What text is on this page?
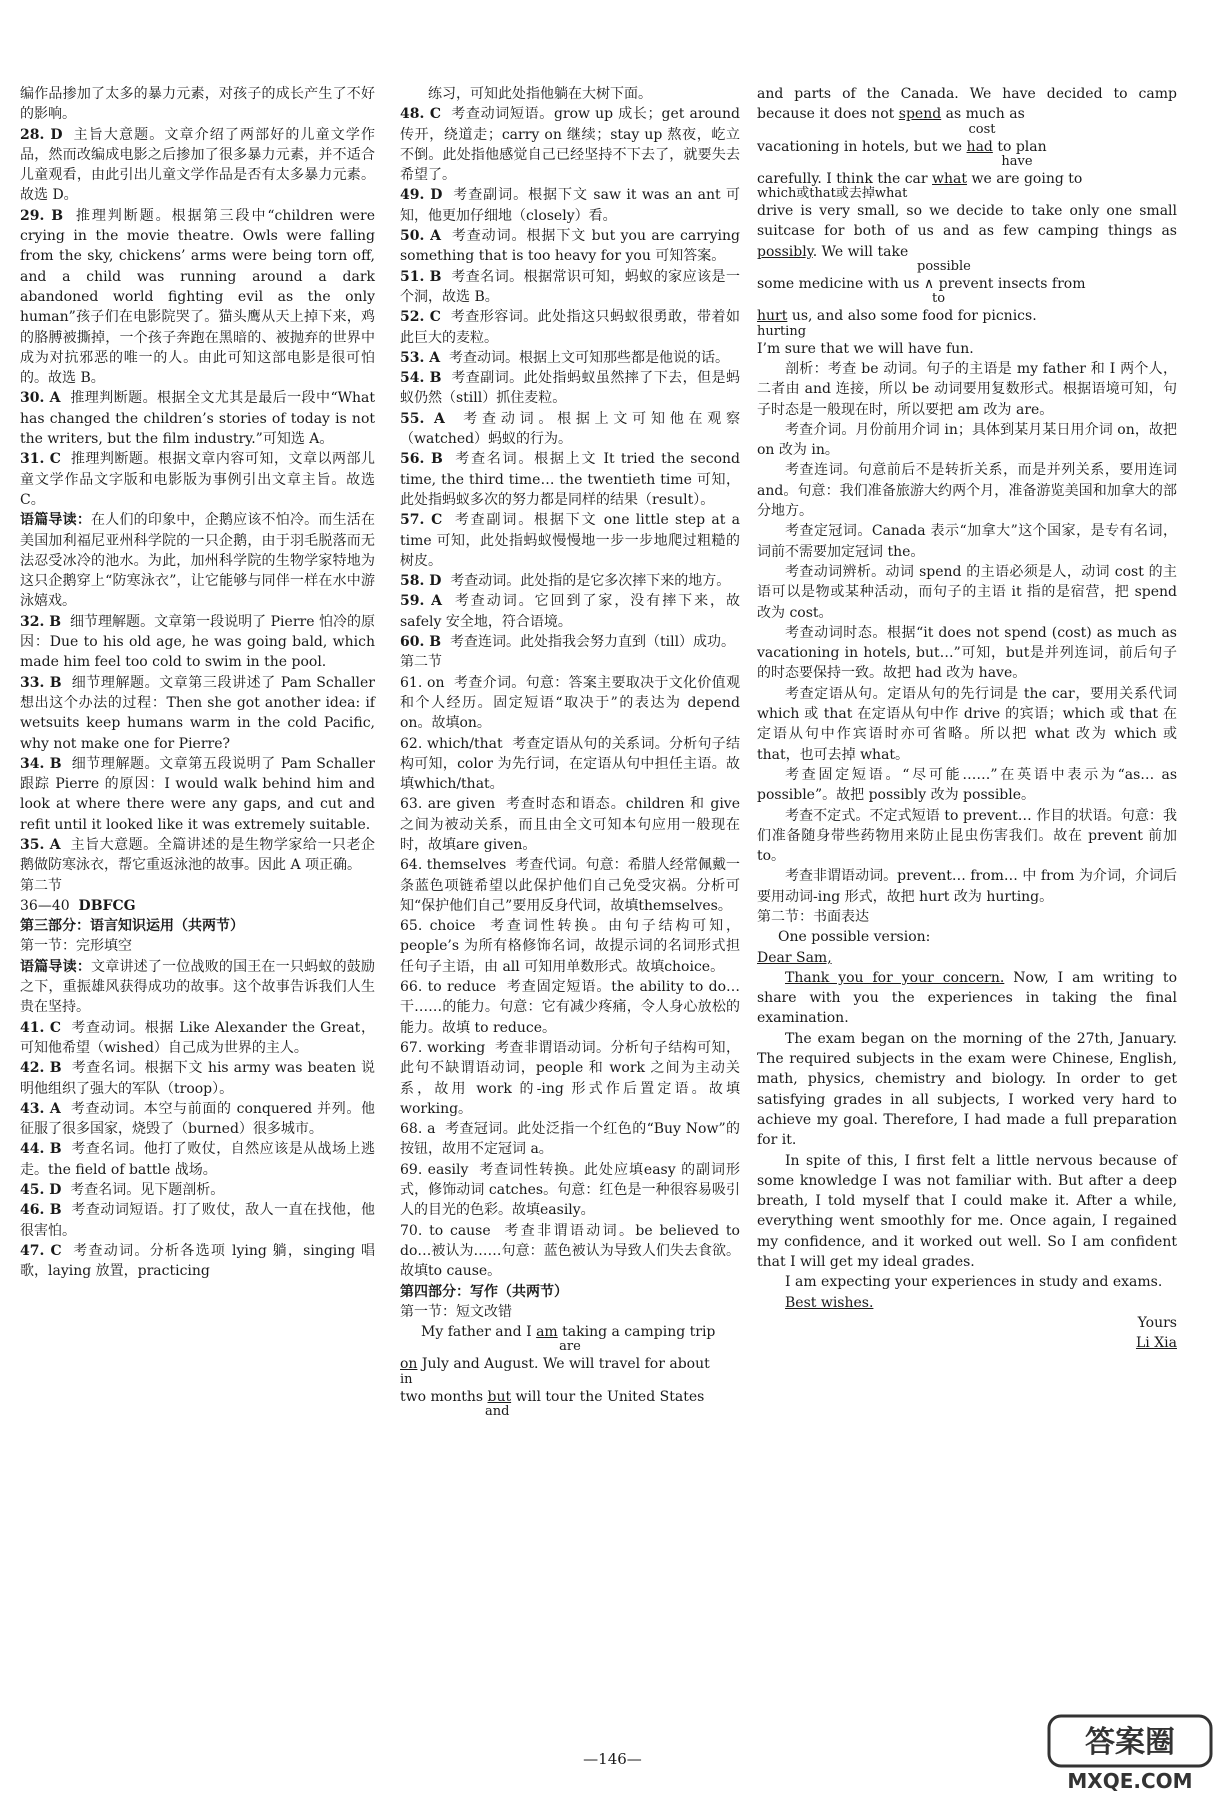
编作品掺加了太多的暴力元素，对孩子的成长产生了不好的影响。

28. D 主旨大意题。文章介绍了两部好的儿童文学作品，然而改编成电影之后掺加了很多暴力元素，并不适合儿童观看，由此引出儿童文学作品是否有太多暴力元素。故选 D。

29. B 推理判断题。根据第三段中“children were crying in the movie theatre. Owls were falling from the sky, chickens’ arms were being torn off, and a child was running around a dark abandoned world fighting evil as the only human”孩子们在电影院哭了。猫头鹰从天上掉下来，鸡的胳膊被撕掉，一个孩子奔跑在黑暗的、被抛弃的世界中成为对抗邪恶的唯一的人。由此可知这部电影是很可怕的。故选 B。

30. A 推理判断题。根据全文尤其是最后一段中“What has changed the children’s stories of today is not the writers, but the film industry.”可知选 A。

31. C 推理判断题。根据文章内容可知，文章以两部儿童文学作品文字版和电影版为事例引出文章主旨。故选 C。

语篇导读：在人们的印象中，企鹅应该不怕冷。而生活在美国加利福尼亚州科学院的一只企鹅，由于羽毛脱落而无法忍受冰冷的池水。为此，加州科学院的生物学家特地为这只企鹅穿上“防寒泳衣”，让它能够与同伴一样在水中游泳嬉戏。

32. B 细节理解题。文章第一段说明了 Pierre 怕冷的原因：Due to his old age, he was going bald, which made him feel too cold to swim in the pool.

33. B 细节理解题。文章第三段讲述了 Pam Schaller 想出这个办法的过程：Then she got another idea: if wetsuits keep humans warm in the cold Pacific, why not make one for Pierre?

34. B 细节理解题。文章第五段说明了 Pam Schaller 跟踪 Pierre 的原因：I would walk behind him and look at where there were any gaps, and cut and refit until it looked like it was extremely suitable.

35. A 主旨大意题。全篇讲述的是生物学家给一只老企鹅做防寒泳衣，帮它重返泳池的故事。因此 A 项正确。

第二节

36—40 DBFCG

第三部分：语言知识运用（共两节）

第一节：完形填空

语篇导读：文章讲述了一位战败的国王在一只蚂蚁的鼓励之下，重振雄风获得成功的故事。这个故事告诉我们人生贵在坚持。

41. C 考查动词。根据 Like Alexander the Great，可知他希望（wished）自己成为世界的主人。

42. B 考查名词。根据下文 his army was beaten 说明他组织了强大的军队（troop）。

43. A 考查动词。本空与前面的 conquered 并列。他征服了很多国家，烧毁了（burned）很多城市。

44. B 考查名词。他打了败仗，自然应该是从战场上逃走。the field of battle 战场。

45. D 考查名词。见下题剖析。

46. B 考查动词短语。打了败仗，敌人一直在找他，他很害怕。

47. C 考查动词。分析各选项 lying 躺，singing 唱歌，laying 放置，practicing

练习，可知此处指他躺在大树下面。

48. C 考查动词短语。grow up 成长；get around 传开，绕道走；carry on 继续；stay up 熬夜，屹立不倒。此处指他感觉自己已经坚持不下去了，就要失去希望了。

49. D 考查副词。根据下文 saw it was an ant 可知，他更加仔细地（closely）看。

50. A 考查动词。根据下文 but you are carrying something that is too heavy for you 可知答案。

51. B 考查名词。根据常识可知，蚂蚁的家应该是一个洞，故选 B。

52. C 考查形容词。此处指这只蚂蚁很勇敢，带着如此巨大的麦粒。

53. A 考查动词。根据上文可知那些都是他说的话。

54. B 考查副词。此处指蚂蚁虽然摔了下去，但是蚂蚁仍然（still）抓住麦粒。

55. A 考查动词。根据上文可知他在观察（watched）蚂蚁的行为。

56. B 考查名词。根据上文 It tried the second time, the third time… the twentieth time 可知，此处指蚂蚁多次的努力都是同样的结果（result）。

57. C 考查副词。根据下文 one little step at a time 可知，此处指蚂蚁慢慢地一步一步地爬过粗糙的树皮。

58. D 考查动词。此处指的是它多次摔下来的地方。

59. A 考查动词。它回到了家，没有摔下来，故 safely 安全地，符合语境。

60. B 考查连词。此处指我会努力直到（till）成功。

第二节

61. on 考查介词。句意：答案主要取决于文化价值观和个人经历。固定短语“取决于”的表达为 depend on。故填on。

62. which/that 考查定语从句的关系词。分析句子结构可知，color 为先行词，在定语从句中担任主语。故填which/that。

63. are given 考查时态和语态。children 和 give 之间为被动关系，而且由全文可知本句应用一般现在时，故填are given。

64. themselves 考查代词。句意：希腊人经常佩戴一条蓝色项链希望以此保护他们自己免受灾祸。分析可知“保护他们自己”要用反身代词，故填themselves。

65. choice 考查词性转换。由句子结构可知，people’s 为所有格修饰名词，故提示词的名词形式担任句子主语，由 all 可知用单数形式。故填choice。

66. to reduce 考查固定短语。the ability to do…干……的能力。句意：它有减少疼痛，令人身心放松的能力。故填 to reduce。

67. working 考查非谓语动词。分析句子结构可知，此句不缺谓语动词，people 和 work 之间为主动关系，故用 work 的-ing 形式作后置定语。故填working。

68. a 考查冠词。此处泛指一个红色的“Buy Now”的按钮，故用不定冠词 a。

69. easily 考查词性转换。此处应填easy 的副词形式，修饰动词 catches。句意：红色是一种很容易吸引人的目光的色彩。故填easily。

70. to cause 考查非谓语动词。be believed to do…被认为……句意：蓝色被认为导致人们失去食欲。故填to cause。

第四部分：写作（共两节）

第一节：短文改错

My father and I am taking a camping trip

are

on July and August. We will travel for about

in

two months but will tour the United States

and

and parts of the Canada. We have decided to camp because it does not spend as much as

cost

vacationing in hotels, but we had to plan

have

carefully. I think the car what we are going to

which或that或去掉what

drive is very small, so we decide to take only one small suitcase for both of us and as few camping things as possibly. We will take

possible

some medicine with us ∧ prevent insects from

to

hurt us, and also some food for picnics.

hurting

I’m sure that we will have fun.

剖析：考查 be 动词。句子的主语是 my father 和 I 两个人，二者由 and 连接，所以 be 动词要用复数形式。根据语境可知，句子时态是一般现在时，所以要把 am 改为 are。

考查介词。月份前用介词 in；具体到某月某日用介词 on，故把 on 改为 in。

考查连词。句意前后不是转折关系，而是并列关系，要用连词 and。句意：我们准备旅游大约两个月，准备游览美国和加拿大的部分地方。

考查定冠词。Canada 表示“加拿大”这个国家，是专有名词，词前不需要加定冠词 the。

考查动词辨析。动词 spend 的主语必须是人，动词 cost 的主语可以是物或某种活动，而句子的主语 it 指的是宿营，把 spend 改为 cost。

考查动词时态。根据“it does not spend (cost) as much as vacationing in hotels, but…”可知，but是并列连词，前后句子的时态要保持一致。故把 had 改为 have。

考查定语从句。定语从句的先行词是 the car，要用关系代词 which 或 that 在定语从句中作 drive 的宾语；which 或 that 在定语从句中作宾语时亦可省略。所以把 what 改为 which 或 that，也可去掉 what。

考查固定短语。“尽可能……”在英语中表示为“as… as possible”。故把 possibly 改为 possible。

考查不定式。不定式短语 to prevent… 作目的状语。句意：我们准备随身带些药物用来防止昆虫伤害我们。故在 prevent 前加 to。

考查非谓语动词。prevent… from… 中 from 为介词，介词后要用动词-ing 形式，故把 hurt 改为 hurting。

第二节：书面表达

One possible version:

Dear Sam,

Thank you for your concern. Now, I am writing to share with you the experiences in taking the final examination.

The exam began on the morning of the 27th, January. The required subjects in the exam were Chinese, English, math, physics, chemistry and biology. In order to get satisfying grades in all subjects, I worked very hard to achieve my goal. Therefore, I had made a full preparation for it.

In spite of this, I first felt a little nervous because of some knowledge I was not familiar with. But after a deep breath, I told myself that I could make it. After a while, everything went smoothly for me. Once again, I regained my confidence, and it worked out well. So I am confident that I will get my ideal grades.

I am expecting your experiences in study and exams.

Best wishes.

Yours

Li Xia

—146—	答案圈
MXQE.COM
